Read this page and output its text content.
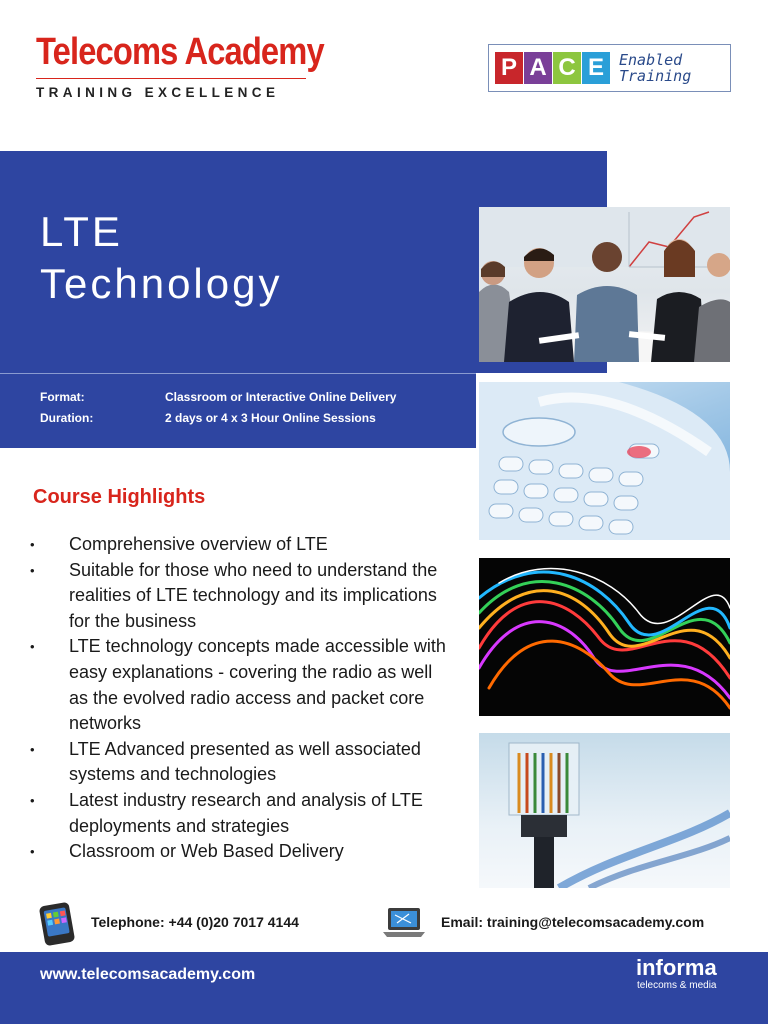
Telecoms Academy
TRAINING EXCELLENCE
P A C E	Enabled
Training
LTE
Technology
Format:	Classroom or Interactive Online Delivery
Duration:	2 days or 4 x 3 Hour Online Sessions
Course Highlights
• Comprehensive overview of LTE
• Suitable for those who need to understand the realities of LTE technology and its implications for the business
• LTE technology concepts made accessible with easy explanations - covering the radio as well as the evolved radio access and packet core networks
• LTE Advanced presented as well associated systems and technologies
• Latest industry research and analysis of LTE deployments and strategies
• Classroom or Web Based Delivery
Telephone: +44 (0)20 7017 4144	Email: training@telecomsacademy.com
www.telecomsacademy.com	informa
telecoms & media
